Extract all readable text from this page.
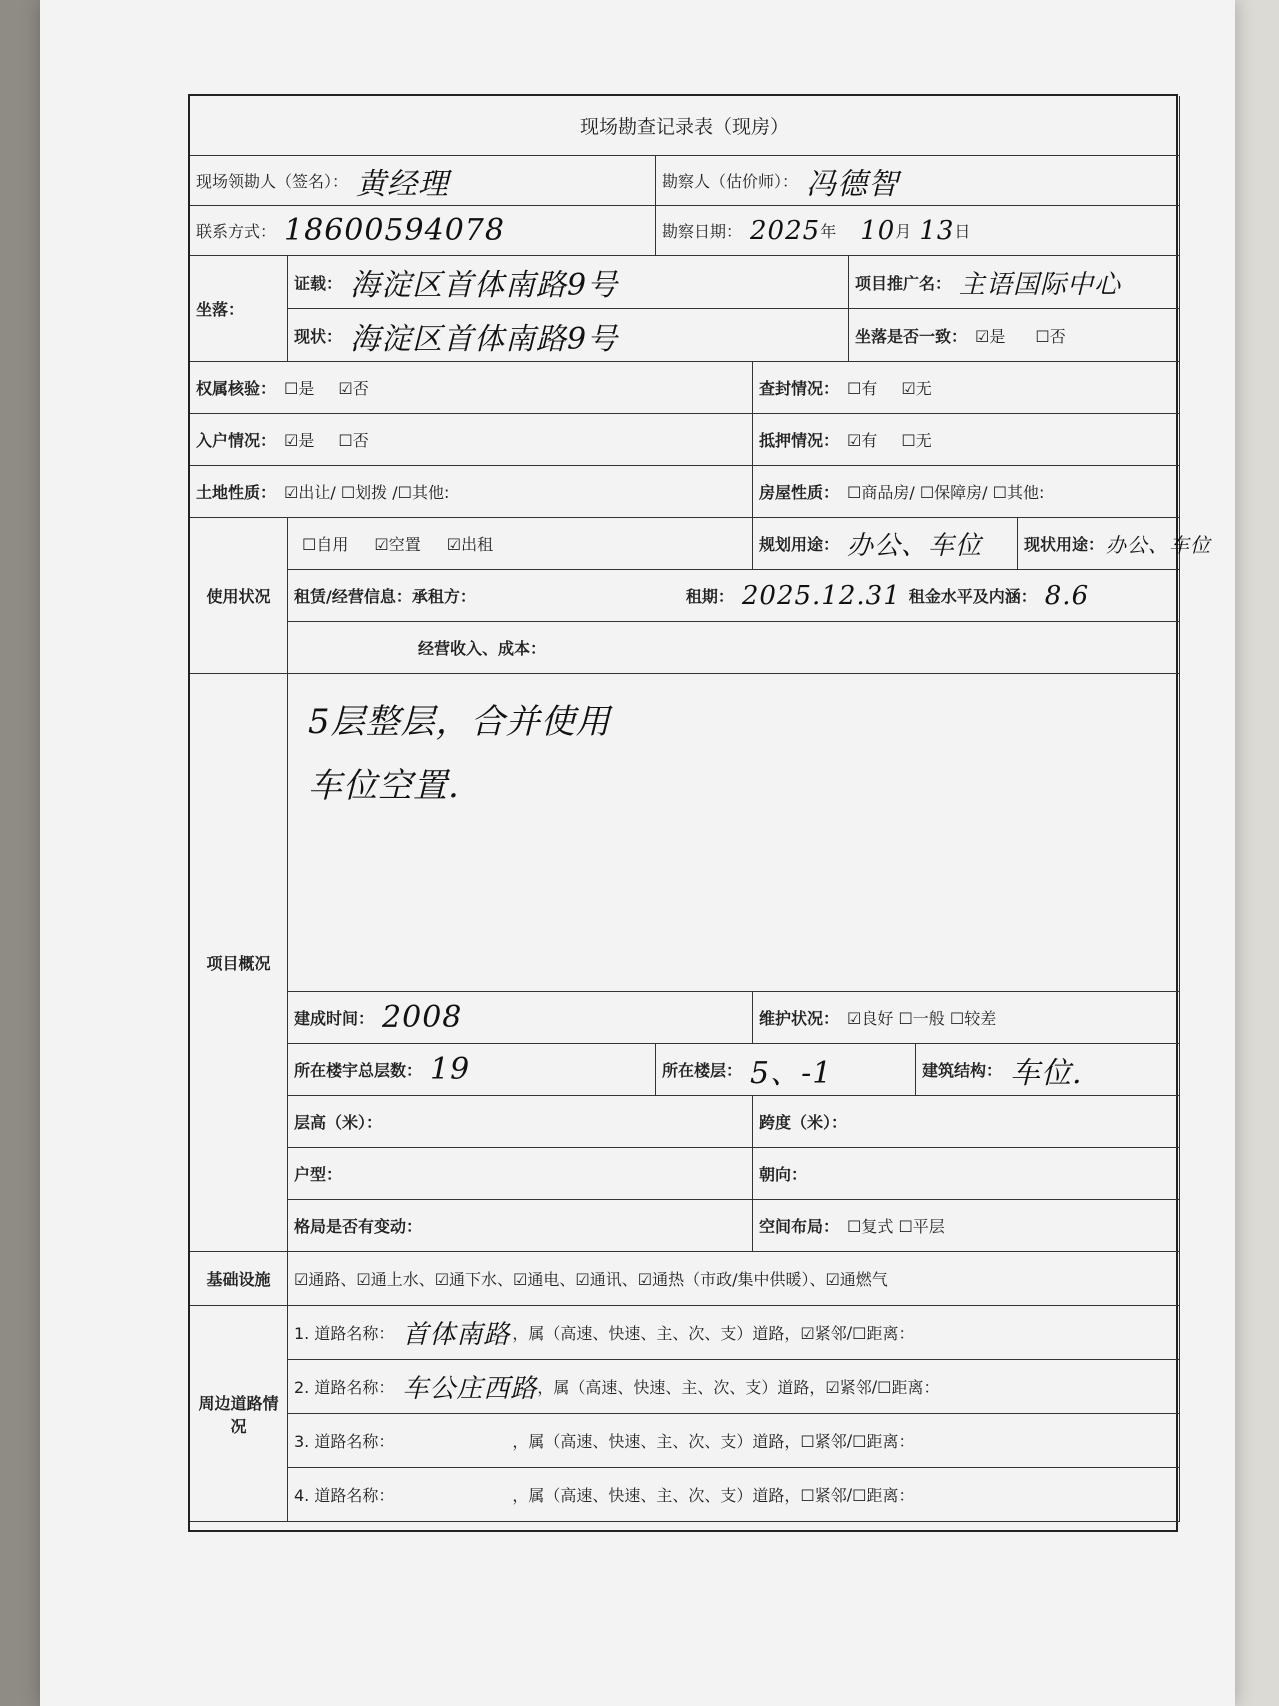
现场勘查记录表（现房）
现场领勘人（签名）： 黄经理	勘察人（估价师）： 冯德智
联系方式： 18600594078	勘察日期： 2025 年 10 月 13 日
坐落：
证载： 海淀区首体南路9号	项目推广名： 主语国际中心
现状： 海淀区首体南路9号	坐落是否一致： ☑是 ☐否
权属核验： ☐是 ☑否	查封情况： ☐有 ☑无
入户情况： ☑是 ☐否	抵押情况： ☑有 ☐无
土地性质： ☑出让/ ☐划拨 /☐其他:	房屋性质： ☐商品房/ ☐保障房/ ☐其他:
使用状况
☐自用 ☑空置 ☑出租	规划用途： 办公、车位	现状用途： 办公、车位
租赁/经营信息：承租方：	租期： 2025.12.31 租金水平及内涵： 8.6
经营收入、成本：
项目概况
5层整层，合并使用
车位空置.
建成时间： 2008	维护状况： ☑良好 ☐一般 ☐较差
所在楼宇总层数： 19	所在楼层： 5、-1	建筑结构： 车位.
层高（米）：	跨度（米）：
户型：	朝向：
格局是否有变动：	空间布局： ☐复式 ☐平层
基础设施	☑通路、☑通上水、☑通下水、☑通电、☑通讯、☑通热（市政/集中供暖）、☑通燃气
周边道路情况
1. 道路名称： 首体南路 ，属（高速、快速、主、次、支）道路， ☑紧邻 / ☐距离：
2. 道路名称： 车公庄西路 ，属（高速、快速、主、次、支）道路， ☑紧邻 / ☐距离：
3. 道路名称：	，属（高速、快速、主、次、支）道路， ☐紧邻 / ☐距离：
4. 道路名称：	，属（高速、快速、主、次、支）道路， ☐紧邻 / ☐距离：
